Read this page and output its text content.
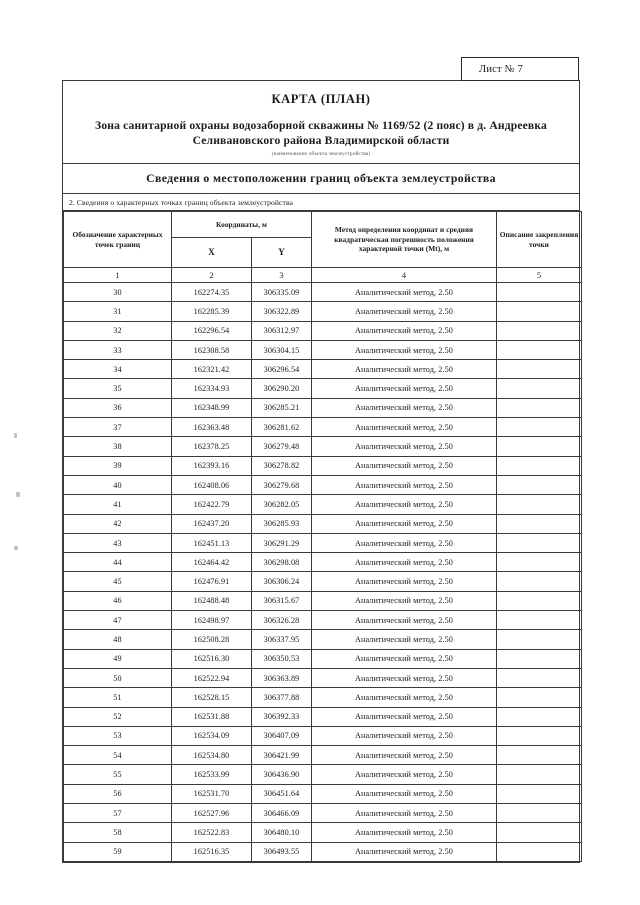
Лист № 7
КАРТА (ПЛАН)
Зона санитарной охраны водозаборной скважины № 1169/52 (2 пояс) в д. Андреевка Селивановского района Владимирской области
(наименование объекта землеустройства)
Сведения о местоположении границ объекта землеустройства
2. Сведения о характерных точках границ объекта землеустройства
Обозначение характерных точек границ	Координаты, м		Метод определения координат и средняя квадратическая погрешность положения характерной точки (Mt), м	Описание закрепления точки
	X	Y		
1	2	3	4	5
30	162274.35	306335.09	Аналитический метод, 2.50	
31	162285.39	306322.89	Аналитический метод, 2.50	
32	162296.54	306312.97	Аналитический метод, 2.50	
33	162308.58	306304.15	Аналитический метод, 2.50	
34	162321.42	306296.54	Аналитический метод, 2.50	
35	162334.93	306290.20	Аналитический метод, 2.50	
36	162348.99	306285.21	Аналитический метод, 2.50	
37	162363.48	306281.62	Аналитический метод, 2.50	
38	162378.25	306279.48	Аналитический метод, 2.50	
39	162393.16	306278.82	Аналитический метод, 2.50	
40	162408.06	306279.68	Аналитический метод, 2.50	
41	162422.79	306282.05	Аналитический метод, 2.50	
42	162437.20	306285.93	Аналитический метод, 2.50	
43	162451.13	306291.29	Аналитический метод, 2.50	
44	162464.42	306298.08	Аналитический метод, 2.50	
45	162476.91	306306.24	Аналитический метод, 2.50	
46	162488.48	306315.67	Аналитический метод, 2.50	
47	162498.97	306326.28	Аналитический метод, 2.50	
48	162508.28	306337.95	Аналитический метод, 2.50	
49	162516.30	306350.53	Аналитический метод, 2.50	
50	162522.94	306363.89	Аналитический метод, 2.50	
51	162528.15	306377.88	Аналитический метод, 2.50	
52	162531.88	306392.33	Аналитический метод, 2.50	
53	162534.09	306407.09	Аналитический метод, 2.50	
54	162534.80	306421.99	Аналитический метод, 2.50	
55	162533.99	306436.90	Аналитический метод, 2.50	
56	162531.70	306451.64	Аналитический метод, 2.50	
57	162527.96	306466.09	Аналитический метод, 2.50	
58	162522.83	306480.10	Аналитический метод, 2.50	
59	162516.35	306493.55	Аналитический метод, 2.50	
